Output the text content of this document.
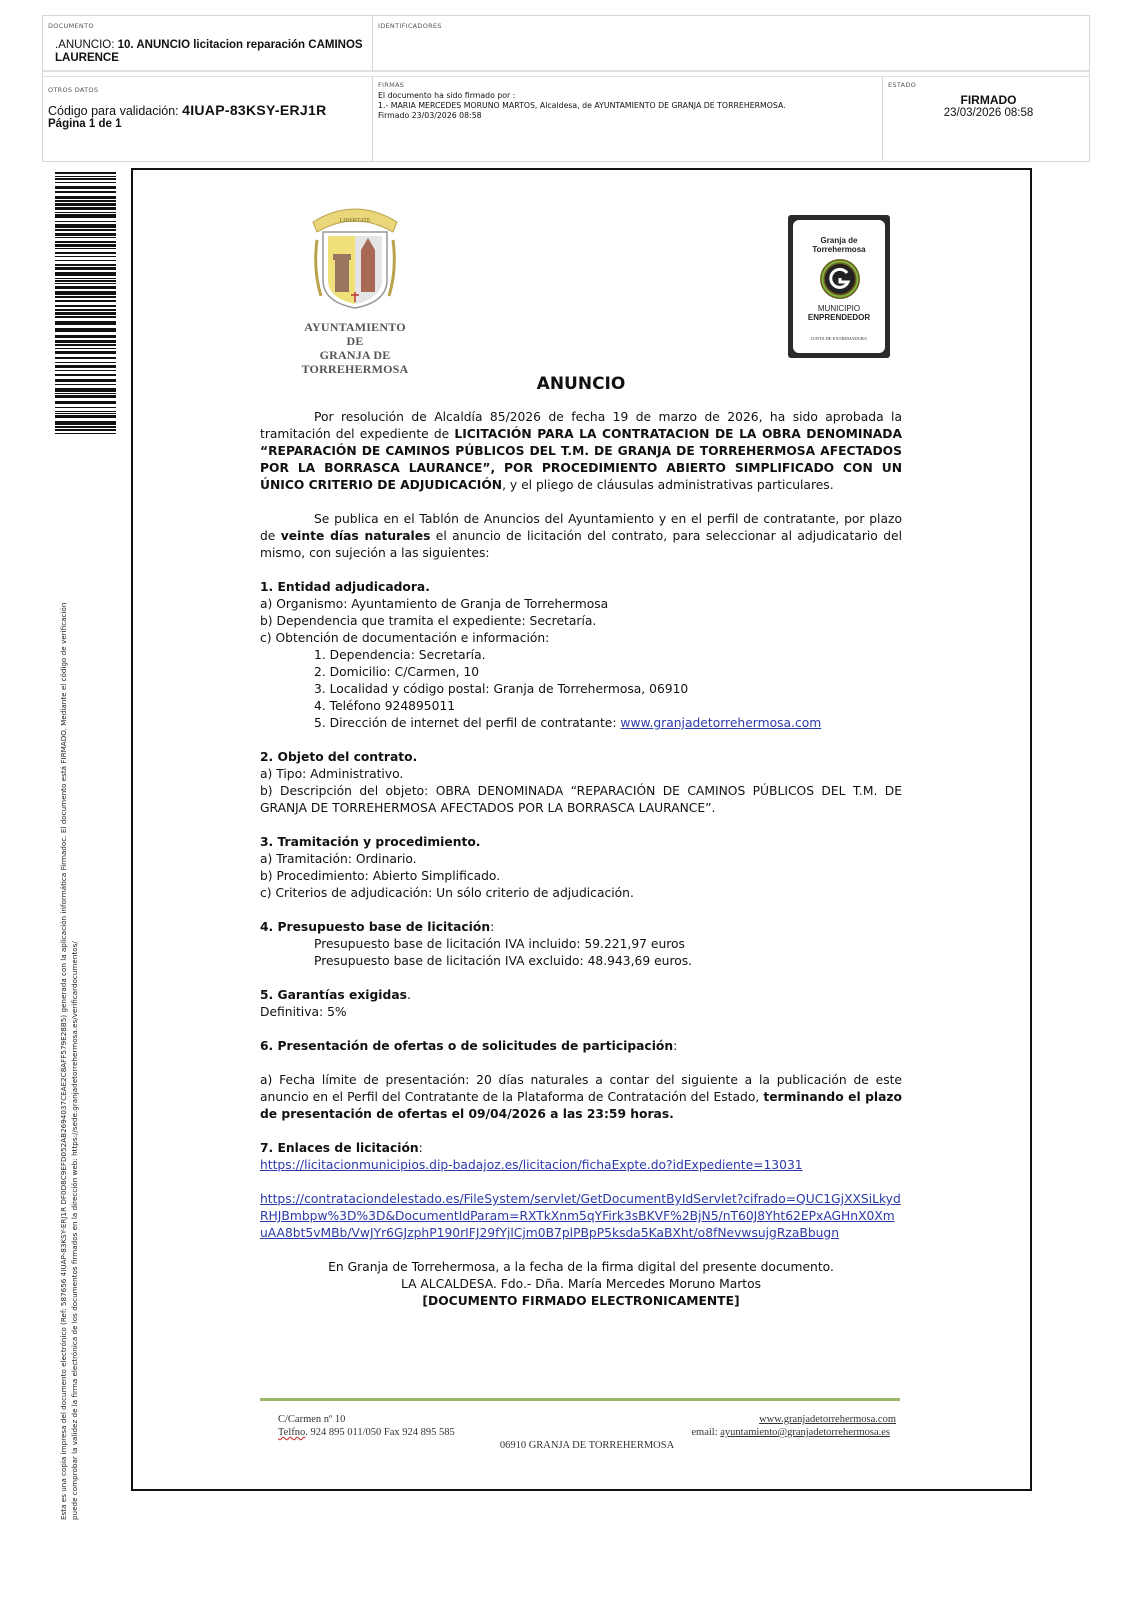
DOCUMENTO
.ANUNCIO: 10. ANUNCIO licitacion reparación CAMINOS LAURENCE
IDENTIFICADORES
OTROS DATOS
Código para validación: 4IUAP-83KSY-ERJ1R
Página 1 de 1
FIRMAS
El documento ha sido firmado por :
1.- MARIA MERCEDES MORUNO MARTOS, Alcaldesa, de AYUNTAMIENTO DE GRANJA DE TORREHERMOSA.
Firmado 23/03/2026 08:58
ESTADO
FIRMADO
23/03/2026 08:58
Esta es una copia impresa del documento electrónico (Ref: 587656 4IUAP-83KSY-ERJ1R DF0D8C9EFD052AB2694037CEAE2C8AFF579E28B5) generada con la aplicación informática Firmadoc. El documento está FIRMADO. Mediante el código de verificación puede comprobar la validez de la firma electrónica de los documentos firmados en la dirección web: https://sede.granjadetorrehermosa.es/verificardocumentos/
LIBERTATE
AYUNTAMIENTO
DE
GRANJA DE TORREHERMOSA
Granja de Torrehermosa
MUNICIPIO
ENPRENDEDOR
JUNTA DE EXTREMADURA
ANUNCIO
Por resolución de Alcaldía 85/2026 de fecha 19 de marzo de 2026, ha sido aprobada la tramitación del expediente de LICITACIÓN PARA LA CONTRATACION DE LA OBRA DENOMINADA “REPARACIÓN DE CAMINOS PÚBLICOS DEL T.M. DE GRANJA DE TORREHERMOSA AFECTADOS POR LA BORRASCA LAURANCE”, POR PROCEDIMIENTO ABIERTO SIMPLIFICADO CON UN ÚNICO CRITERIO DE ADJUDICACIÓN, y el pliego de cláusulas administrativas particulares.
Se publica en el Tablón de Anuncios del Ayuntamiento y en el perfil de contratante, por plazo de veinte días naturales el anuncio de licitación del contrato, para seleccionar al adjudicatario del mismo, con sujeción a las siguientes:
1. Entidad adjudicadora.
a) Organismo: Ayuntamiento de Granja de Torrehermosa
b) Dependencia que tramita el expediente: Secretaría.
c) Obtención de documentación e información:
1. Dependencia: Secretaría.
2. Domicilio: C/Carmen, 10
3. Localidad y código postal: Granja de Torrehermosa, 06910
4. Teléfono 924895011
5. Dirección de internet del perfil de contratante: www.granjadetorrehermosa.com
2. Objeto del contrato.
a) Tipo: Administrativo.
b) Descripción del objeto: OBRA DENOMINADA “REPARACIÓN DE CAMINOS PÚBLICOS DEL T.M. DE GRANJA DE TORREHERMOSA AFECTADOS POR LA BORRASCA LAURANCE”.
3. Tramitación y procedimiento.
a) Tramitación: Ordinario.
b) Procedimiento: Abierto Simplificado.
c) Criterios de adjudicación: Un sólo criterio de adjudicación.
4. Presupuesto base de licitación:
Presupuesto base de licitación IVA incluido: 59.221,97 euros
Presupuesto base de licitación IVA excluido: 48.943,69 euros.
5. Garantías exigidas.
Definitiva: 5%
6. Presentación de ofertas o de solicitudes de participación:
a) Fecha límite de presentación: 20 días naturales a contar del siguiente a la publicación de este anuncio en el Perfil del Contratante de la Plataforma de Contratación del Estado, terminando el plazo de presentación de ofertas el 09/04/2026 a las 23:59 horas.
7. Enlaces de licitación:
https://licitacionmunicipios.dip-badajoz.es/licitacion/fichaExpte.do?idExpediente=13031
https://contrataciondelestado.es/FileSystem/servlet/GetDocumentByIdServlet?cifrado=QUC1GjXXSiLkydRHJBmbpw%3D%3D&DocumentIdParam=RXTkXnm5qYFirk3sBKVF%2BjN5/nT60J8Yht62EPxAGHnX0XmuAA8bt5vMBb/VwJYr6GJzphP190rIFJ29fYjlCjm0B7plPBpP5ksda5KaBXht/o8fNevwsujgRzaBbugn
En Granja de Torrehermosa, a la fecha de la firma digital del presente documento.
LA ALCALDESA. Fdo.- Dña. María Mercedes Moruno Martos
[DOCUMENTO FIRMADO ELECTRONICAMENTE]
C/Carmen nº 10	www.granjadetorrehermosa.com
Telfno. 924 895 011/050 Fax 924 895 585	email: ayuntamiento@granjadetorrehermosa.es
06910 GRANJA DE TORREHERMOSA
